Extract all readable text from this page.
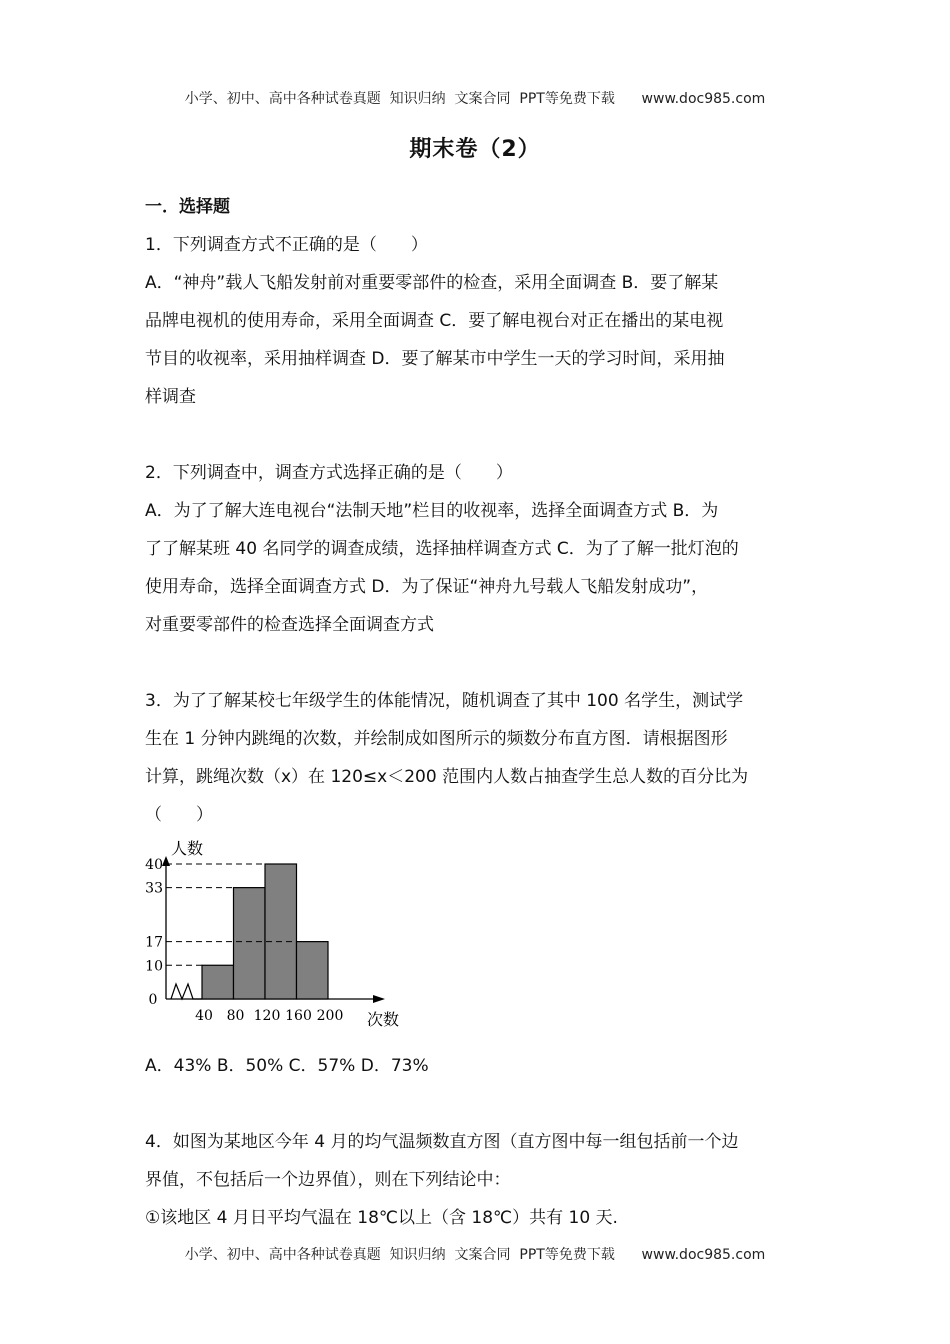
小学、初中、高中各种试卷真题  知识归纳  文案合同  PPT等免费下载      www.doc985.com
期末卷（2）

一．选择题

1．下列调查方式不正确的是（　　）

A．“神舟”载人飞船发射前对重要零部件的检查，采用全面调查 B．要了解某

品牌电视机的使用寿命，采用全面调查 C．要了解电视台对正在播出的某电视

节目的收视率，采用抽样调查 D．要了解某市中学生一天的学习时间，采用抽

样调查

2．下列调查中，调查方式选择正确的是（　　）

A．为了了解大连电视台“法制天地”栏目的收视率，选择全面调查方式 B．为

了了解某班 40 名同学的调查成绩，选择抽样调查方式 C．为了了解一批灯泡的

使用寿命，选择全面调查方式 D．为了保证“神舟九号载人飞船发射成功”，

对重要零部件的检查选择全面调查方式

3．为了了解某校七年级学生的体能情况，随机调查了其中 100 名学生，测试学

生在 1 分钟内跳绳的次数，并绘制成如图所示的频数分布直方图．请根据图形

计算，跳绳次数（x）在 120≤x＜200 范围内人数占抽查学生总人数的百分比为

（　　）

10
17
33
40
0
40 80 120 160 200
人数
次数

A．43% B．50% C．57% D．73%

4．如图为某地区今年 4 月的均气温频数直方图（直方图中每一组包括前一个边

界值，不包括后一个边界值），则在下列结论中：

①该地区 4 月日平均气温在 18℃以上（含 18℃）共有 10 天.

小学、初中、高中各种试卷真题  知识归纳  文案合同  PPT等免费下载      www.doc985.com
